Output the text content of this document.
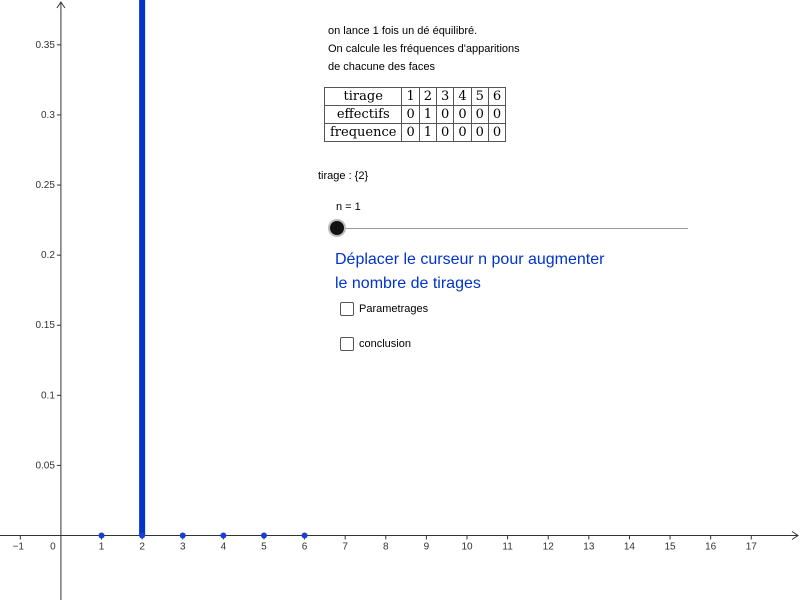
−1	0	1	2	3	4	5	6	7	8	9	10	11	12	13	14	15	16	17
0.05
0.1
0.15
0.2
0.25
0.3
0.35
on lance 1 fois un dé équilibré.
On calcule les fréquences d'apparitions
de chacune des faces
tirage	1	2	3	4	5	6
effectifs	0	1	0	0	0	0
frequence	0	1	0	0	0	0
tirage : {2}
n = 1
Déplacer le curseur n pour augmenter
le nombre de tirages
Parametrages
conclusion
